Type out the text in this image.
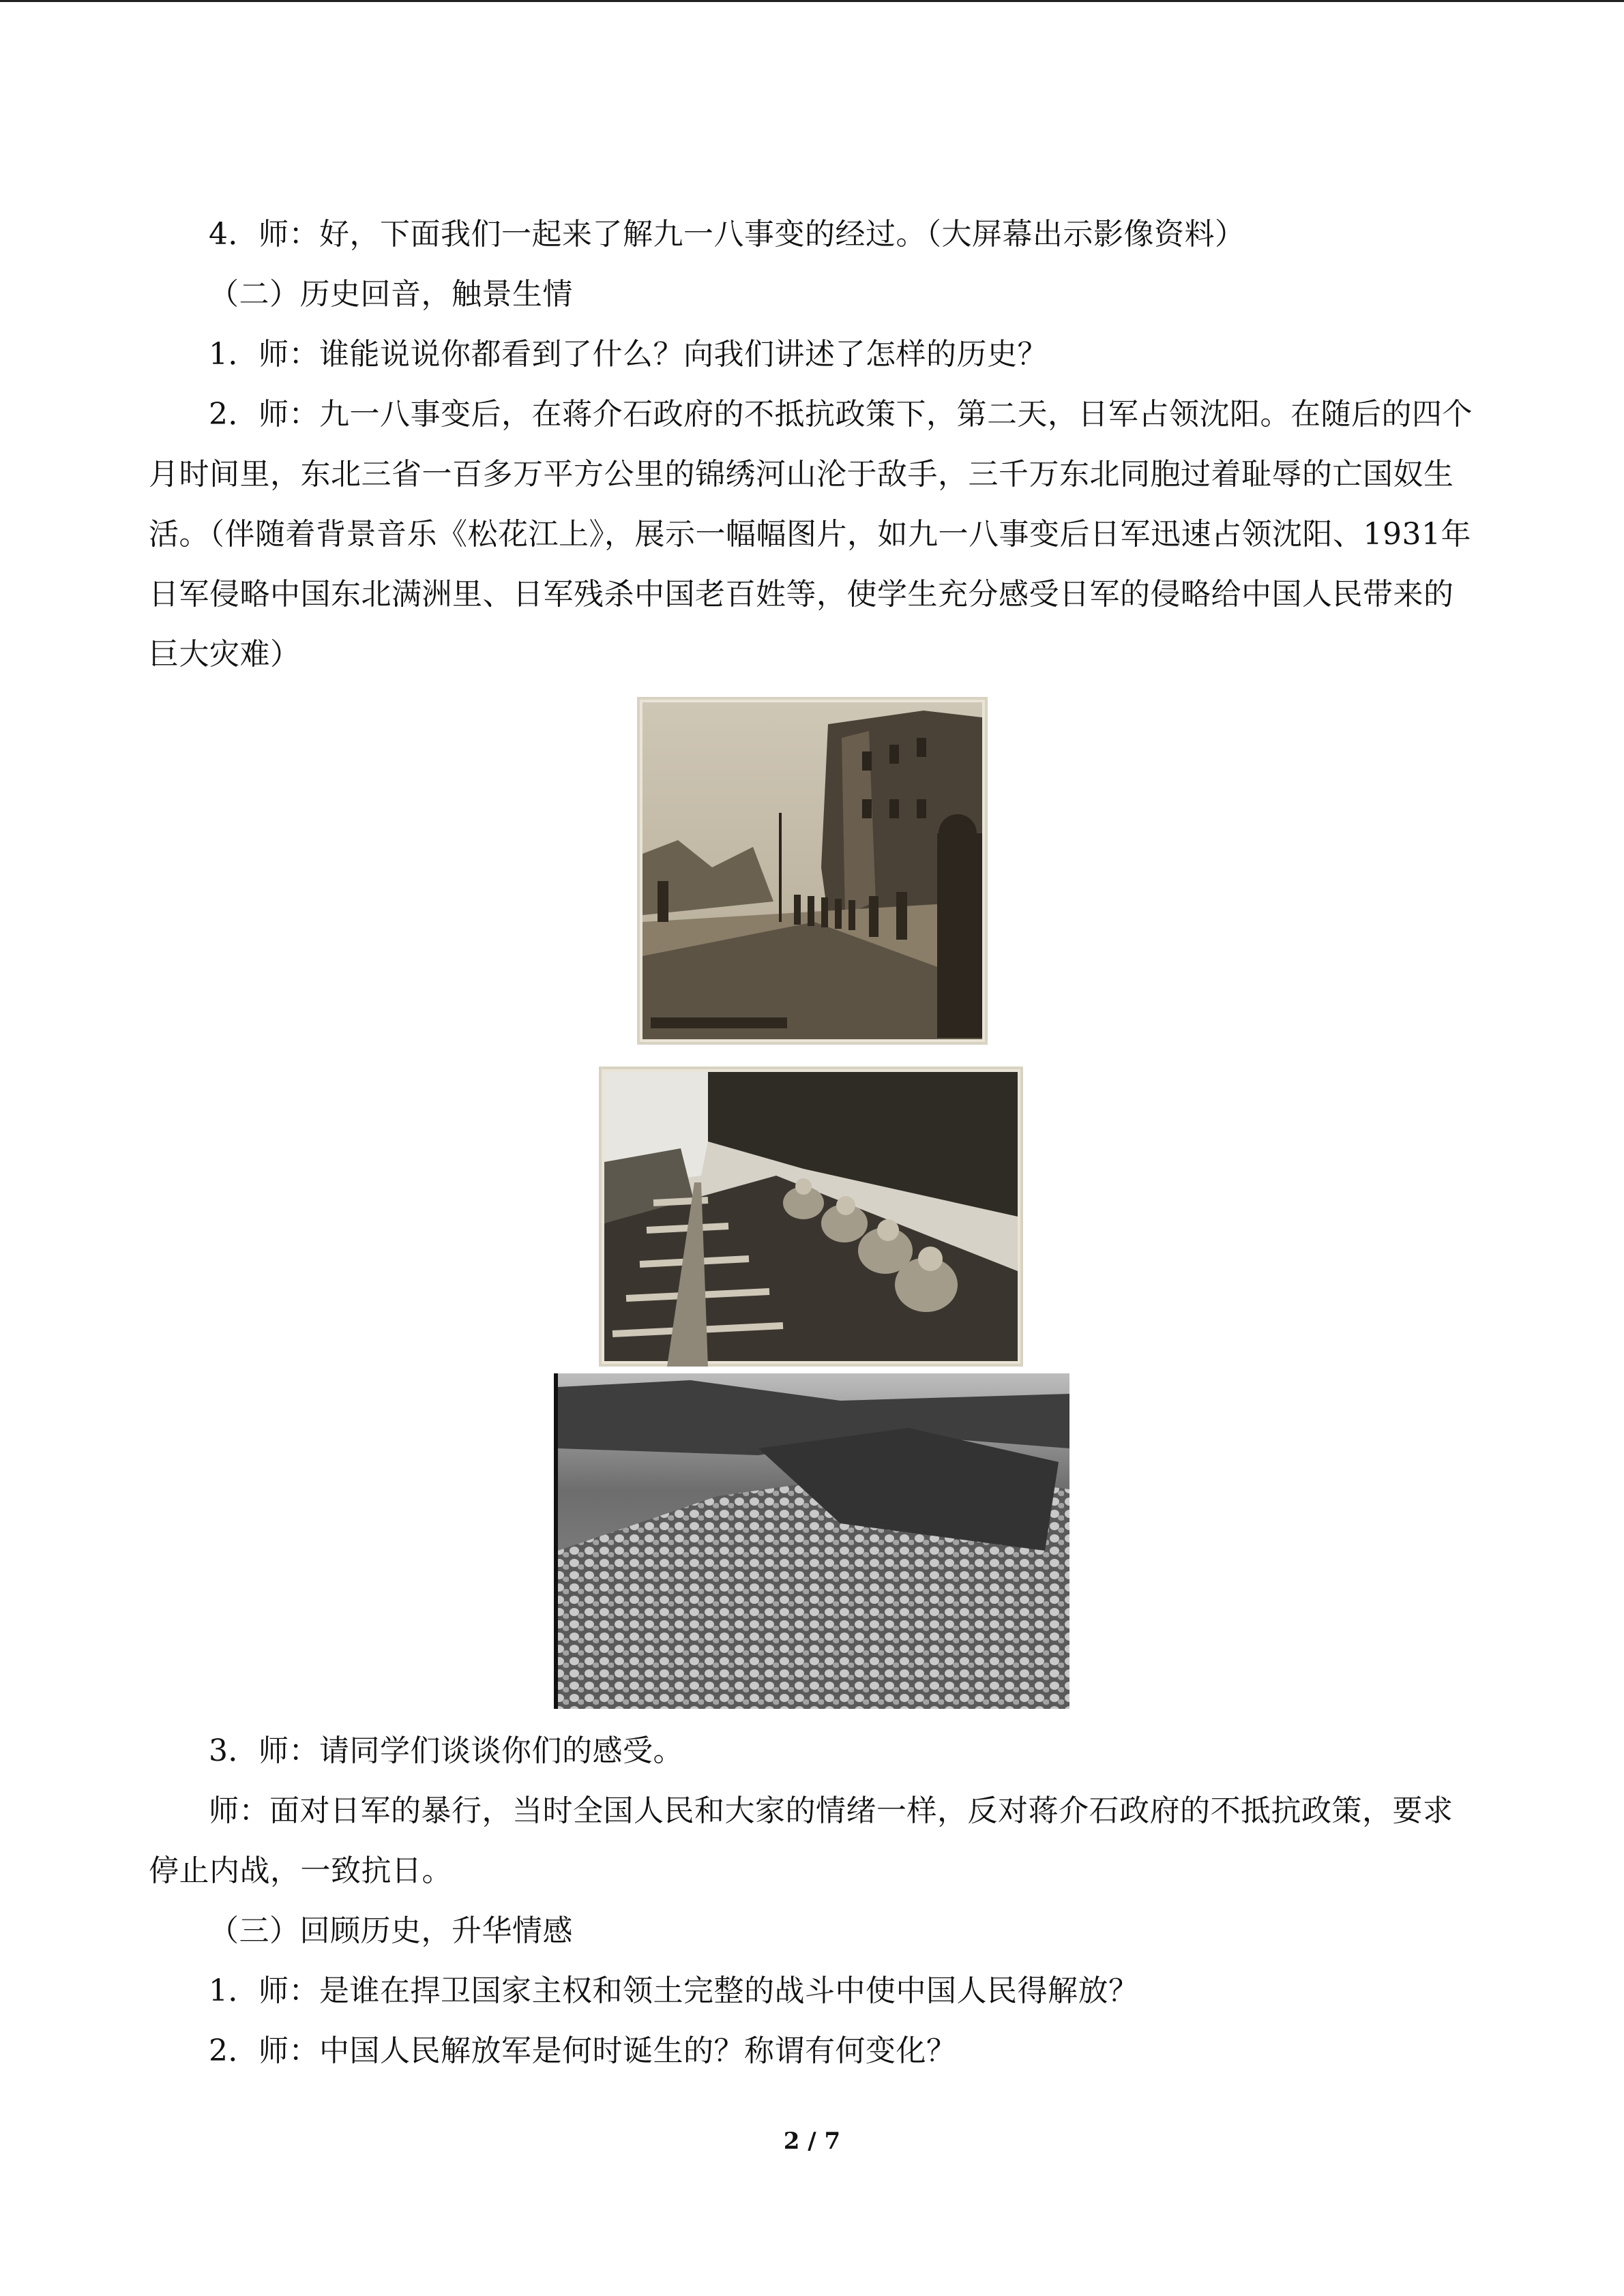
4．师：好，下面我们一起来了解九一八事变的经过。（大屏幕出示影像资料）

（二）历史回音，触景生情

1．师：谁能说说你都看到了什么？向我们讲述了怎样的历史？

2．师：九一八事变后，在蒋介石政府的不抵抗政策下，第二天，日军占领沈阳。在随后的四个月时间里，东北三省一百多万平方公里的锦绣河山沦于敌手，三千万东北同胞过着耻辱的亡国奴生活。（伴随着背景音乐《松花江上》，展示一幅幅图片，如九一八事变后日军迅速占领沈阳、1931年日军侵略中国东北满洲里、日军残杀中国老百姓等，使学生充分感受日军的侵略给中国人民带来的巨大灾难）

3．师：请同学们谈谈你们的感受。

师：面对日军的暴行，当时全国人民和大家的情绪一样，反对蒋介石政府的不抵抗政策，要求停止内战，一致抗日。

（三）回顾历史，升华情感

1．师：是谁在捍卫国家主权和领土完整的战斗中使中国人民得解放？

2．师：中国人民解放军是何时诞生的？称谓有何变化？

2 / 7
